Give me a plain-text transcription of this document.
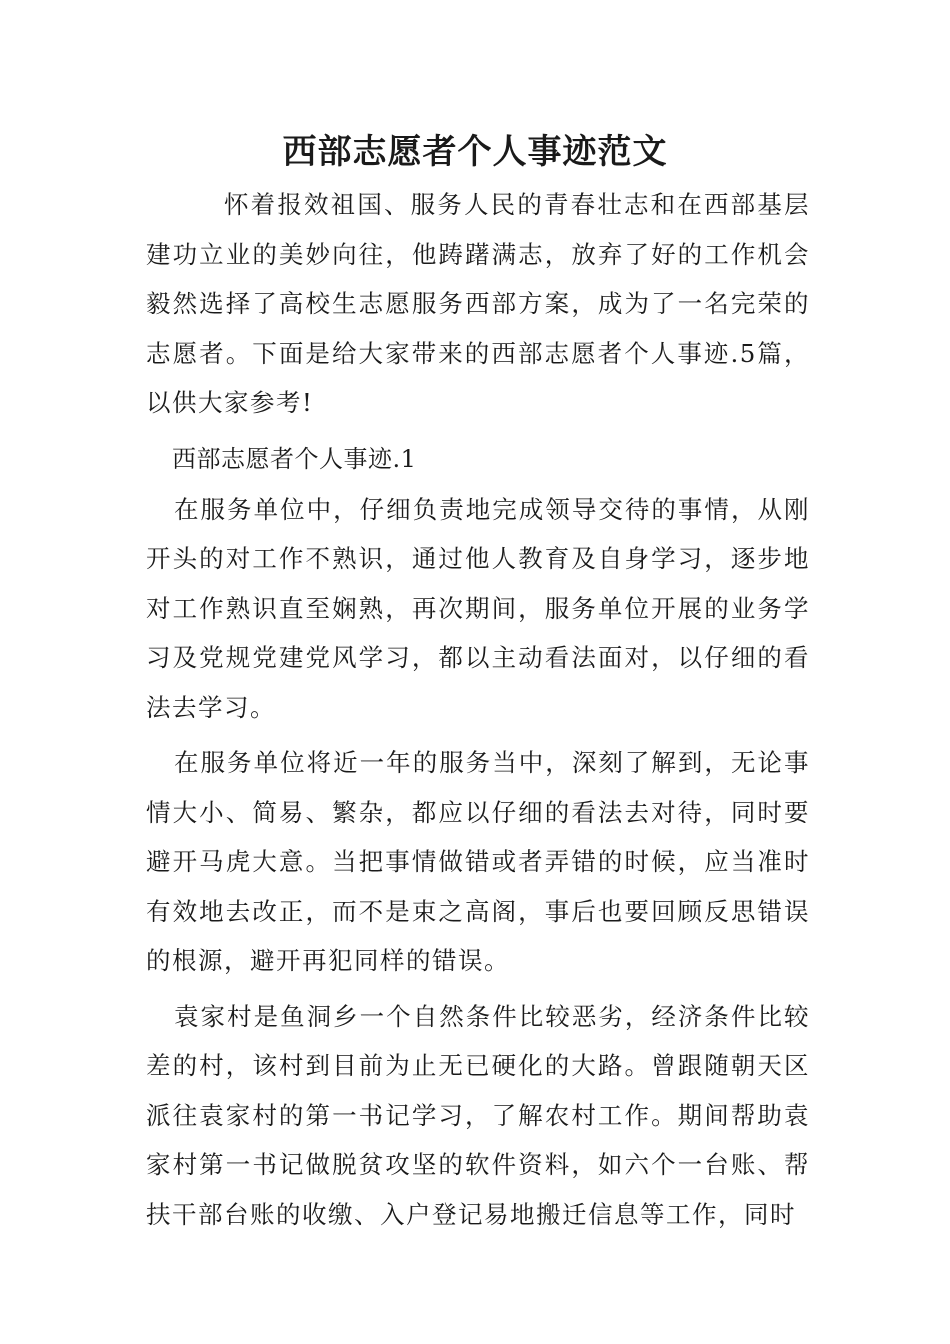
西部志愿者个人事迹范文

怀着报效祖国、服务人民的青春壮志和在西部基层建功立业的美妙向往，他踌躇满志，放弃了好的工作机会毅然选择了高校生志愿服务西部方案，成为了一名完荣的志愿者。下面是给大家带来的西部志愿者个人事迹.5篇，以供大家参考!

西部志愿者个人事迹.1

在服务单位中，仔细负责地完成领导交待的事情，从刚开头的对工作不熟识，通过他人教育及自身学习，逐步地对工作熟识直至娴熟，再次期间，服务单位开展的业务学习及党规党建党风学习，都以主动看法面对，以仔细的看法去学习。

在服务单位将近一年的服务当中，深刻了解到，无论事情大小、简易、繁杂，都应以仔细的看法去对待，同时要避开马虎大意。当把事情做错或者弄错的时候，应当准时有效地去改正，而不是束之高阁，事后也要回顾反思错误的根源，避开再犯同样的错误。

袁家村是鱼洞乡一个自然条件比较恶劣，经济条件比较差的村，该村到目前为止无已硬化的大路。曾跟随朝天区派往袁家村的第一书记学习，了解农村工作。期间帮助袁家村第一书记做脱贫攻坚的软件资料，如六个一台账、帮扶干部台账的收缴、入户登记易地搬迁信息等工作，同时
